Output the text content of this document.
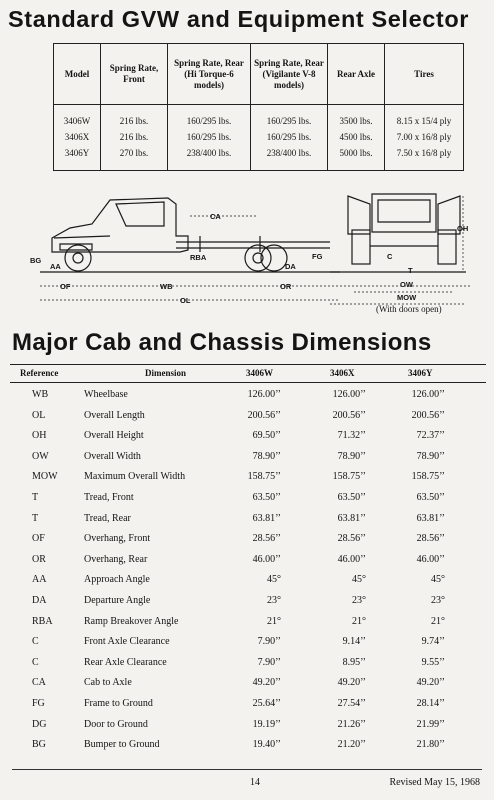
Standard GVW and Equipment Selector
Model	Spring Rate, Front	Spring Rate, Rear (Hi Torque-6 models)	Spring Rate, Rear (Vigilante V-8 models)	Rear Axle	Tires
3406W	216 lbs.	160/295 lbs.	160/295 lbs.	3500 lbs.	8.15 x 15/4 ply
3406X	216 lbs.	160/295 lbs.	160/295 lbs.	4500 lbs.	7.00 x 16/8 ply
3406Y	270 lbs.	238/400 lbs.	238/400 lbs.	5000 lbs.	7.50 x 16/8 ply
CA
BG
AA
RBA
DA
FG
OF	WB	OR
OL
OH
C
T
OW
MOW
(With doors open)
Major Cab and Chassis Dimensions
Reference	Dimension	3406W	3406X	3406Y
WB	Wheelbase	126.00’’	126.00’’	126.00’’
OL	Overall Length	200.56’’	200.56’’	200.56’’
OH	Overall Height	69.50’’	71.32’’	72.37’’
OW	Overall Width	78.90’’	78.90’’	78.90’’
MOW	Maximum Overall Width	158.75’’	158.75’’	158.75’’
T	Tread, Front	63.50’’	63.50’’	63.50’’
T	Tread, Rear	63.81’’	63.81’’	63.81’’
OF	Overhang, Front	28.56’’	28.56’’	28.56’’
OR	Overhang, Rear	46.00’’	46.00’’	46.00’’
AA	Approach Angle	45°	45°	45°
DA	Departure Angle	23°	23°	23°
RBA	Ramp Breakover Angle	21°	21°	21°
C	Front Axle Clearance	7.90’’	9.14’’	9.74’’
C	Rear Axle Clearance	7.90’’	8.95’’	9.55’’
CA	Cab to Axle	49.20’’	49.20’’	49.20’’
FG	Frame to Ground	25.64’’	27.54’’	28.14’’
DG	Door to Ground	19.19’’	21.26’’	21.99’’
BG	Bumper to Ground	19.40’’	21.20’’	21.80’’
14	Revised May 15, 1968
